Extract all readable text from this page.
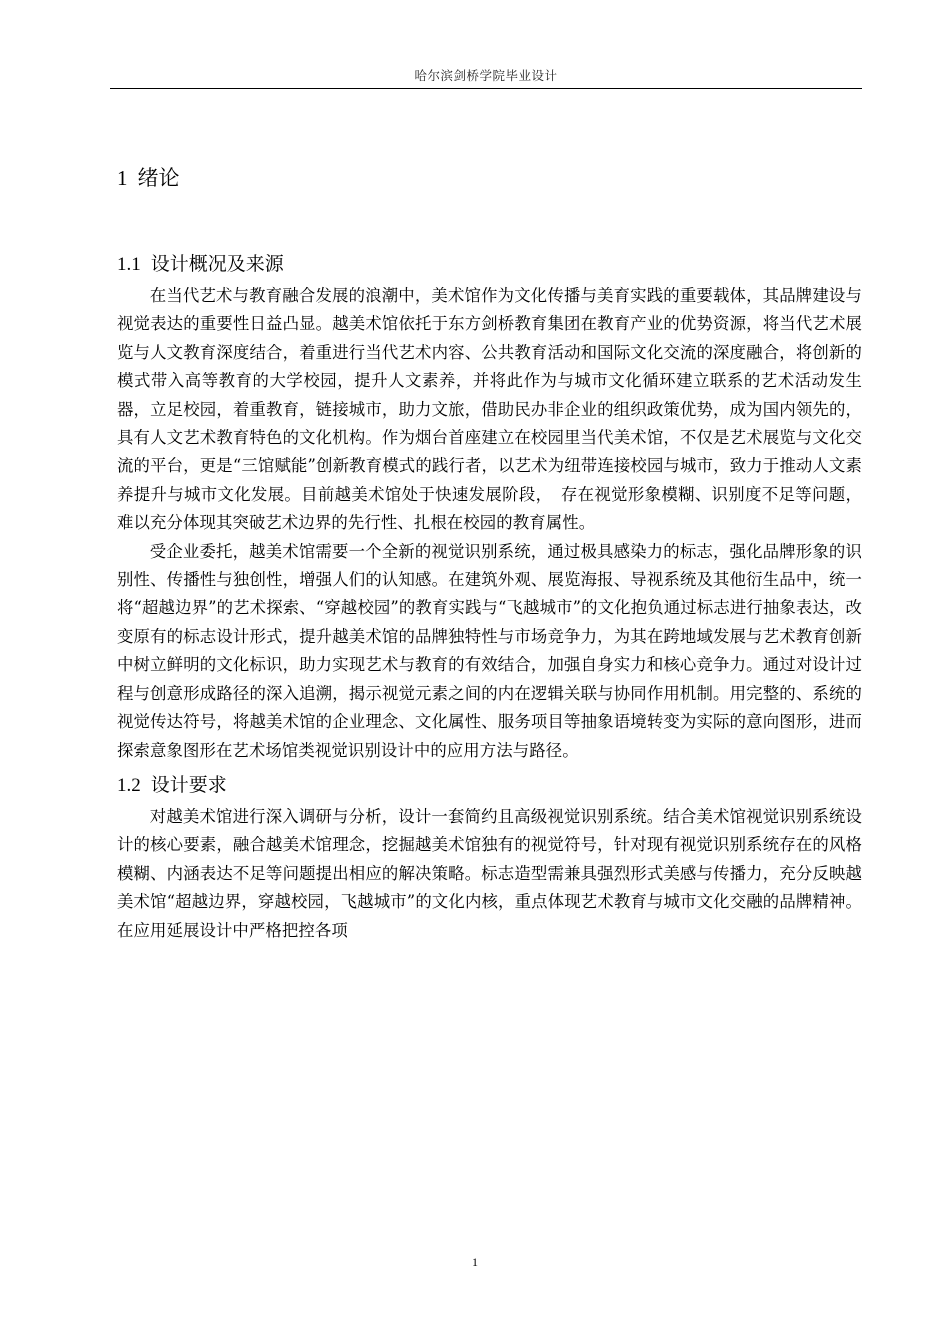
哈尔滨剑桥学院毕业设计
1 绪论
1.1 设计概况及来源

在当代艺术与教育融合发展的浪潮中，美术馆作为文化传播与美育实践的重要载体，其品牌建设与视觉表达的重要性日益凸显。越美术馆依托于东方剑桥教育集团在教育产业的优势资源，将当代艺术展览与人文教育深度结合，着重进行当代艺术内容、公共教育活动和国际文化交流的深度融合，将创新的模式带入高等教育的大学校园，提升人文素养，并将此作为与城市文化循环建立联系的艺术活动发生器，立足校园，着重教育，链接城市，助力文旅，借助民办非企业的组织政策优势，成为国内领先的，具有人文艺术教育特色的文化机构。作为烟台首座建立在校园里当代美术馆，不仅是艺术展览与文化交流的平台，更是“三馆赋能”创新教育模式的践行者，以艺术为纽带连接校园与城市，致力于推动人文素养提升与城市文化发展。目前越美术馆处于快速发展阶段，　存在视觉形象模糊、识别度不足等问题，难以充分体现其突破艺术边界的先行性、扎根在校园的教育属性。

受企业委托，越美术馆需要一个全新的视觉识别系统，通过极具感染力的标志，强化品牌形象的识别性、传播性与独创性，增强人们的认知感。在建筑外观、展览海报、导视系统及其他衍生品中，统一将“超越边界”的艺术探索、“穿越校园”的教育实践与“飞越城市”的文化抱负通过标志进行抽象表达，改变原有的标志设计形式，提升越美术馆的品牌独特性与市场竞争力，为其在跨地域发展与艺术教育创新中树立鲜明的文化标识，助力实现艺术与教育的有效结合，加强自身实力和核心竞争力。通过对设计过程与创意形成路径的深入追溯，揭示视觉元素之间的内在逻辑关联与协同作用机制。用完整的、系统的视觉传达符号，将越美术馆的企业理念、文化属性、服务项目等抽象语境转变为实际的意向图形，进而探索意象图形在艺术场馆类视觉识别设计中的应用方法与路径。

1.2 设计要求

对越美术馆进行深入调研与分析，设计一套简约且高级视觉识别系统。结合美术馆视觉识别系统设计的核心要素，融合越美术馆理念，挖掘越美术馆独有的视觉符号，针对现有视觉识别系统存在的风格模糊、内涵表达不足等问题提出相应的解决策略。标志造型需兼具强烈形式美感与传播力，充分反映越美术馆“超越边界，穿越校园，飞越城市”的文化内核，重点体现艺术教育与城市文化交融的品牌精神。在应用延展设计中严格把控各项

1
